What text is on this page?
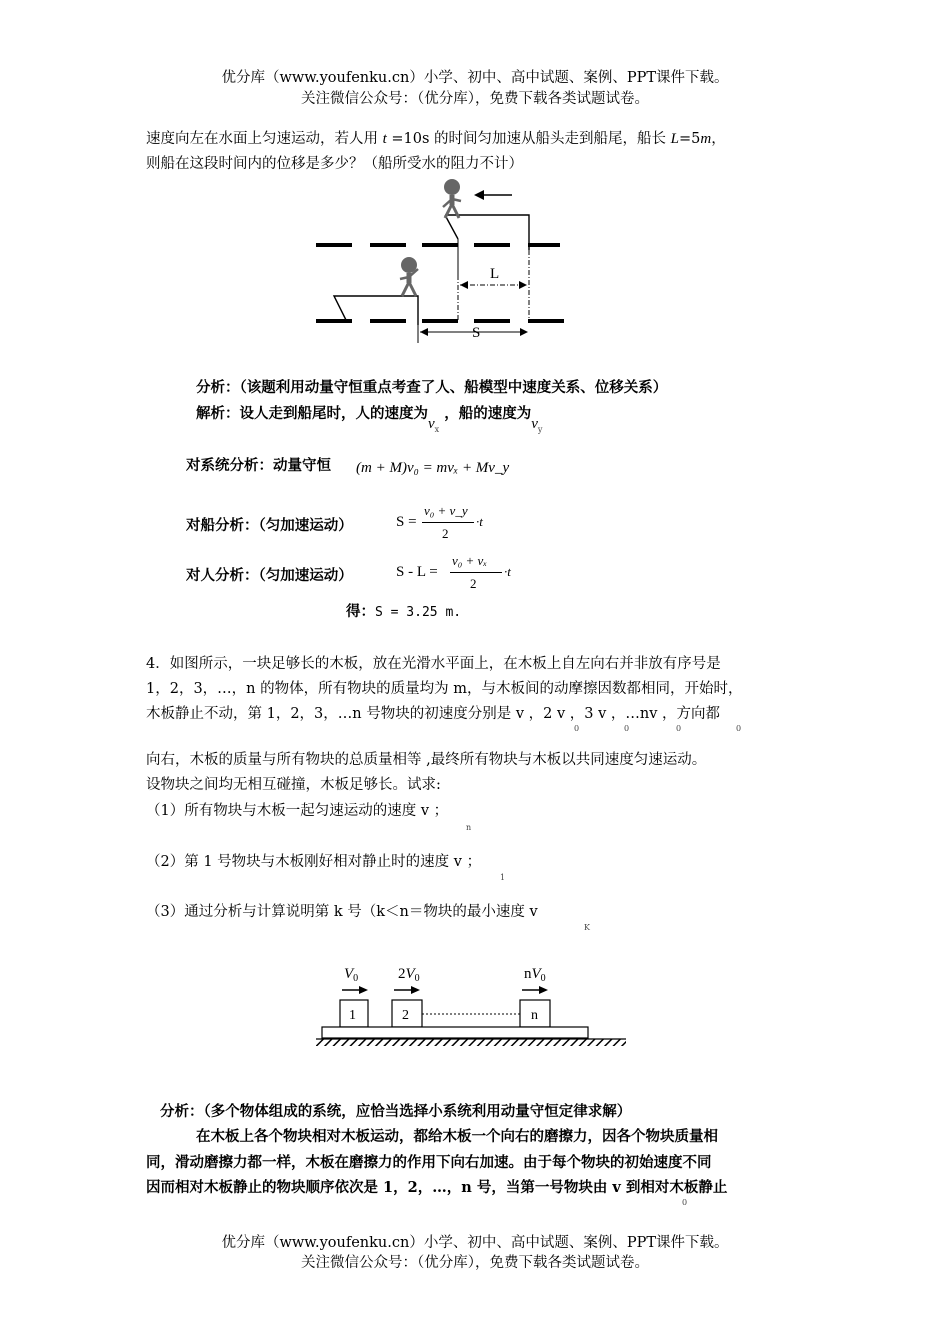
优分库（www.youfenku.cn）小学、初中、高中试题、案例、PPT课件下载。
关注微信公众号：（优分库），免费下载各类试题试卷。
速度向左在水面上匀速运动，若人用 t =10s 的时间匀加速从船头走到船尾，船长 L=5m，
则船在这段时间内的位移是多少？（船所受水的阻力不计）
L
S
分析：（该题利用动量守恒重点考查了人、船模型中速度关系、位移关系）
解析：设人走到船尾时，人的速度为$v_x$ ，船的速度为$v_y$
对系统分析：动量守恒 (m + M)v₀ = mvₓ + Mv_y
对船分析：（匀加速运动）	S =
v₀ + v_y
2
·t
对人分析：（匀加速运动）	S - L =
v₀ + vₓ
2
·t
得：S = 3.25 m.
4．如图所示，一块足够长的木板，放在光滑水平面上，在木板上自左向右并非放有序号是
1，2，3，…，n 的物体，所有物块的质量均为 m，与木板间的动摩擦因数都相同，开始时，
木板静止不动，第 1，2，3，…n 号物块的初速度分别是 v ，2 v ，3 v ，…nv ，方向都
0	0	0	0
向右，木板的质量与所有物块的总质量相等 ,最终所有物块与木板以共同速度匀速运动。
设物块之间均无相互碰撞，木板足够长。试求:
（1）所有物块与木板一起匀速运动的速度 v ；
n
（2）第 1 号物块与木板刚好相对静止时的速度 v ；
1
（3）通过分析与计算说明第 k 号（k＜n＝物块的最小速度 v
K
$V_0$	$2V_0$	$nV_0$
1	2	n
分析：（多个物体组成的系统，应恰当选择小系统利用动量守恒定律求解）
在木板上各个物块相对木板运动，都给木板一个向右的磨擦力，因各个物块质量相
同，滑动磨擦力都一样，木板在磨擦力的作用下向右加速。由于每个物块的初始速度不同
因而相对木板静止的物块顺序依次是 1，2，…，n 号，当第一号物块由 v 到相对木板静止
0
优分库（www.youfenku.cn）小学、初中、高中试题、案例、PPT课件下载。
关注微信公众号：（优分库），免费下载各类试题试卷。
